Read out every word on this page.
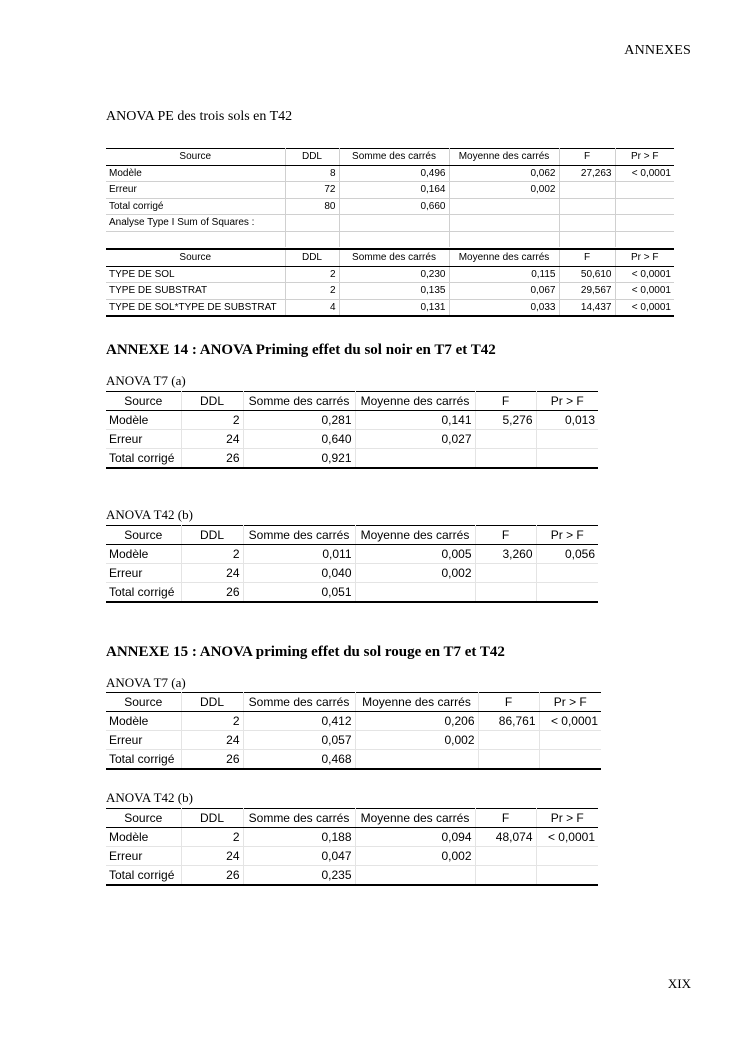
ANNEXES
ANOVA PE des trois sols en T42
Source	DDL	Somme des carrés	Moyenne des carrés	F	Pr > F
Modèle	8	0,496	0,062	27,263	< 0,0001
Erreur	72	0,164	0,002		
Total corrigé	80	0,660			
Analyse Type I Sum of Squares :					

Source	DDL	Somme des carrés	Moyenne des carrés	F	Pr > F
TYPE DE SOL	2	0,230	0,115	50,610	< 0,0001
TYPE DE SUBSTRAT	2	0,135	0,067	29,567	< 0,0001
TYPE DE SOL*TYPE DE SUBSTRAT	4	0,131	0,033	14,437	< 0,0001
ANNEXE 14 : ANOVA Priming effet du sol noir en T7 et T42
ANOVA T7 (a)
Source	DDL	Somme des carrés	Moyenne des carrés	F	Pr > F
Modèle	2	0,281	0,141	5,276	0,013
Erreur	24	0,640	0,027		
Total corrigé	26	0,921			
ANOVA T42 (b)
Source	DDL	Somme des carrés	Moyenne des carrés	F	Pr > F
Modèle	2	0,011	0,005	3,260	0,056
Erreur	24	0,040	0,002		
Total corrigé	26	0,051			
ANNEXE 15 : ANOVA priming effet du sol rouge en T7 et T42
ANOVA T7 (a)
Source	DDL	Somme des carrés	Moyenne des carrés	F	Pr > F
Modèle	2	0,412	0,206	86,761	< 0,0001
Erreur	24	0,057	0,002		
Total corrigé	26	0,468			
ANOVA T42 (b)
Source	DDL	Somme des carrés	Moyenne des carrés	F	Pr > F
Modèle	2	0,188	0,094	48,074	< 0,0001
Erreur	24	0,047	0,002		
Total corrigé	26	0,235			
XIX
